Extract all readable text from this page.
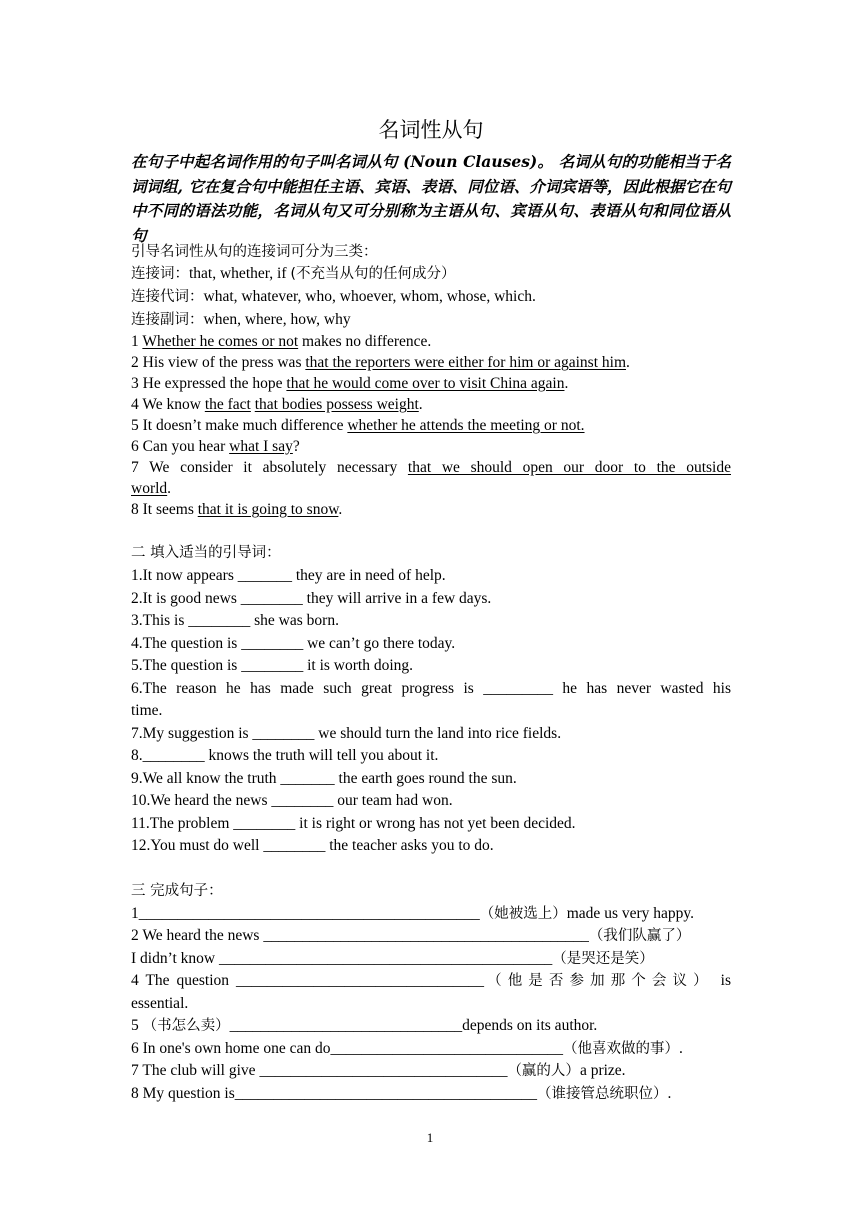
名词性从句
在句子中起名词作用的句子叫名词从句 (Noun Clauses)。 名词从句的功能相当于名词词组, 它在复合句中能担任主语、宾语、表语、同位语、介词宾语等，因此根据它在句中不同的语法功能，名词从句又可分别称为主语从句、宾语从句、表语从句和同位语从句
引导名词性从句的连接词可分为三类：
连接词：that, whether, if (不充当从句的任何成分）
连接代词：what, whatever, who, whoever, whom, whose, which.
连接副词：when, where, how, why
1 Whether he comes or not makes no difference.
2 His view of the press was that the reporters were either for him or against him.
3 He expressed the hope that he would come over to visit China again.
4 We know the fact that bodies possess weight.
5 It doesn’t make much difference whether he attends the meeting or not.
6 Can you hear what I say?
7 We consider it absolutely necessary that we should open our door to the outside
world.
8 It seems that it is going to snow.
二 填入适当的引导词：
1.It now appears _______ they are in need of help.
2.It is good news ________ they will arrive in a few days.
3.This is ________ she was born.
4.The question is ________ we can’t go there today.
5.The question is ________ it is worth doing.
6.The reason he has made such great progress is _________ he has never wasted his
time.
7.My suggestion is ________ we should turn the land into rice fields.
8.________ knows the truth will tell you about it.
9.We all know the truth _______ the earth goes round the sun.
10.We heard the news ________ our team had won.
11.The problem ________ it is right or wrong has not yet been decided.
12.You must do well ________ the teacher asks you to do.
三 完成句子：
1____________________________________________（她被选上）made us very happy.
2 We heard the news __________________________________________（我们队赢了）
I didn’t know ___________________________________________（是哭还是笑）
4 The question ________________________________（他是否参加那个会议） is
essential.
5 （书怎么卖）______________________________depends on its author.
6 In one's own home one can do______________________________（他喜欢做的事）.
7 The club will give ________________________________（赢的人）a prize.
8 My question is_______________________________________（谁接管总统职位）.
1
